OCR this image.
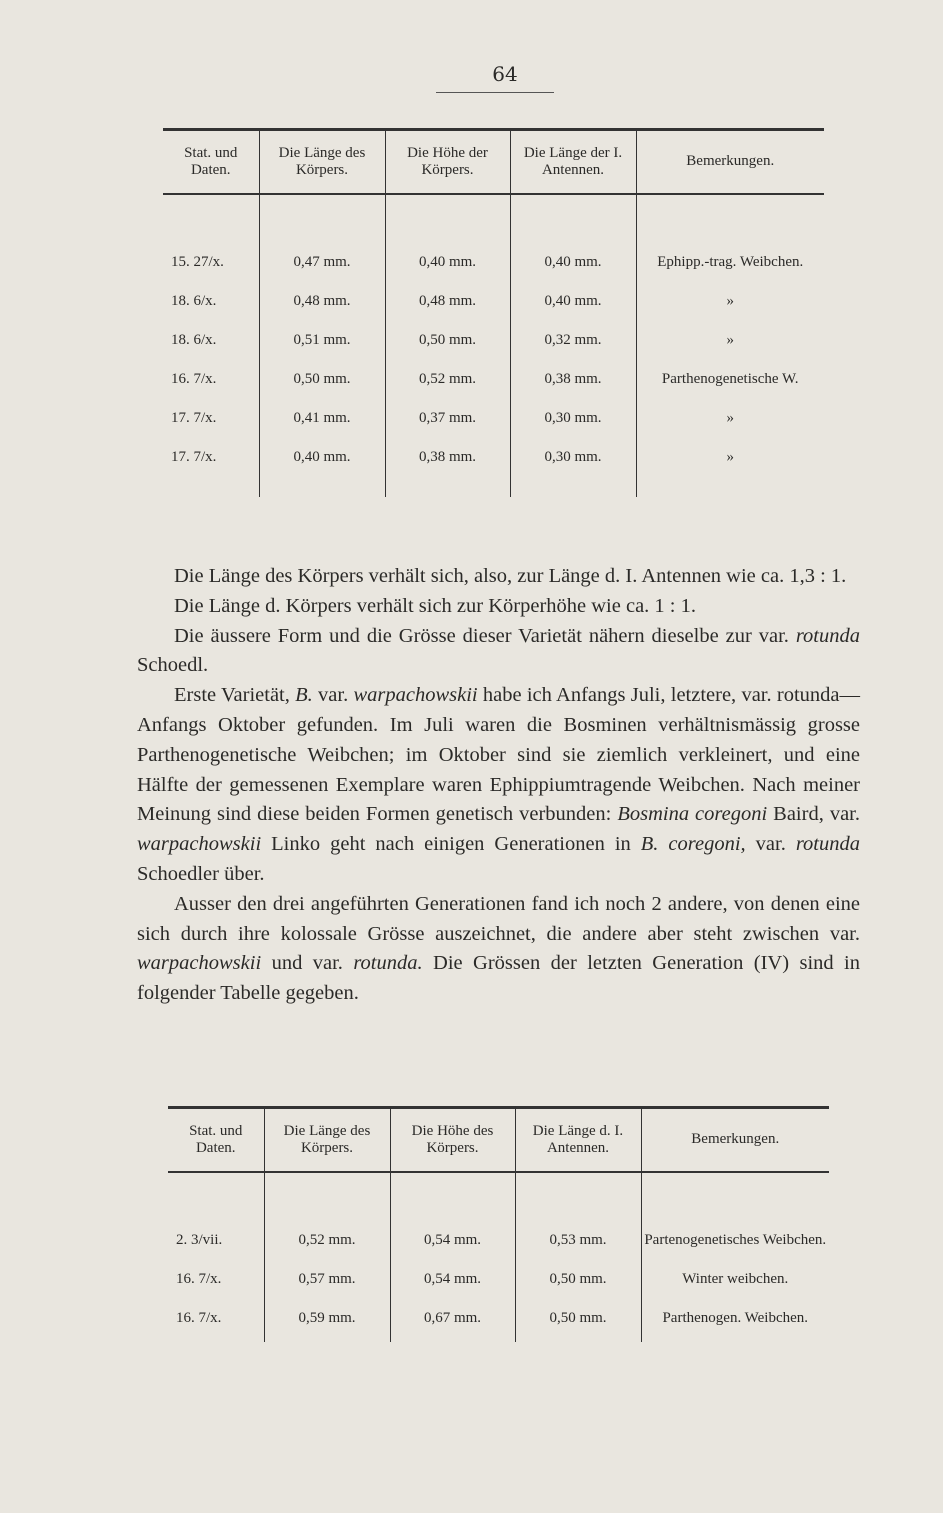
64
Stat. und Daten.	Die Länge des Körpers.	Die Höhe der Körpers.	Die Länge der I. Antennen.	Bemerkungen.
15. 27/x.	0,47 mm.	0,40 mm.	0,40 mm.	Ephipp.-trag. Weibchen.
18. 6/x.	0,48 mm.	0,48 mm.	0,40 mm.	»
18. 6/x.	0,51 mm.	0,50 mm.	0,32 mm.	»
16. 7/x.	0,50 mm.	0,52 mm.	0,38 mm.	Parthenogenetische W.
17. 7/x.	0,41 mm.	0,37 mm.	0,30 mm.	»
17. 7/x.	0,40 mm.	0,38 mm.	0,30 mm.	»

Die Länge des Körpers verhält sich, also, zur Länge d. I. Antennen wie ca. 1,3 : 1.

Die Länge d. Körpers verhält sich zur Körperhöhe wie ca. 1 : 1.

Die äussere Form und die Grösse dieser Varietät nähern dieselbe zur var. rotunda Schoedl.

Erste Varietät, B. var. warpachowskii habe ich Anfangs Juli, letztere, var. rotunda—Anfangs Oktober gefunden. Im Juli waren die Bosminen verhältnismässig grosse Parthenogenetische Weibchen; im Oktober sind sie ziemlich verkleinert, und eine Hälfte der gemessenen Exemplare waren Ephippiumtragende Weibchen. Nach meiner Meinung sind diese beiden Formen genetisch verbunden: Bosmina coregoni Baird, var. warpachowskii Linko geht nach einigen Generationen in B. coregoni, var. rotunda Schoedler über.

Ausser den drei angeführten Generationen fand ich noch 2 andere, von denen eine sich durch ihre kolossale Grösse auszeichnet, die andere aber steht zwischen var. warpachowskii und var. rotunda. Die Grössen der letzten Generation (IV) sind in folgender Tabelle gegeben.

Stat. und Daten.	Die Länge des Körpers.	Die Höhe des Körpers.	Die Länge d. I. Antennen.	Bemerkungen.
2. 3/vii.	0,52 mm.	0,54 mm.	0,53 mm.	Partenogenetisches Weibchen.
16. 7/x.	0,57 mm.	0,54 mm.	0,50 mm.	Winter weibchen.
16. 7/x.	0,59 mm.	0,67 mm.	0,50 mm.	Parthenogen. Weibchen.
